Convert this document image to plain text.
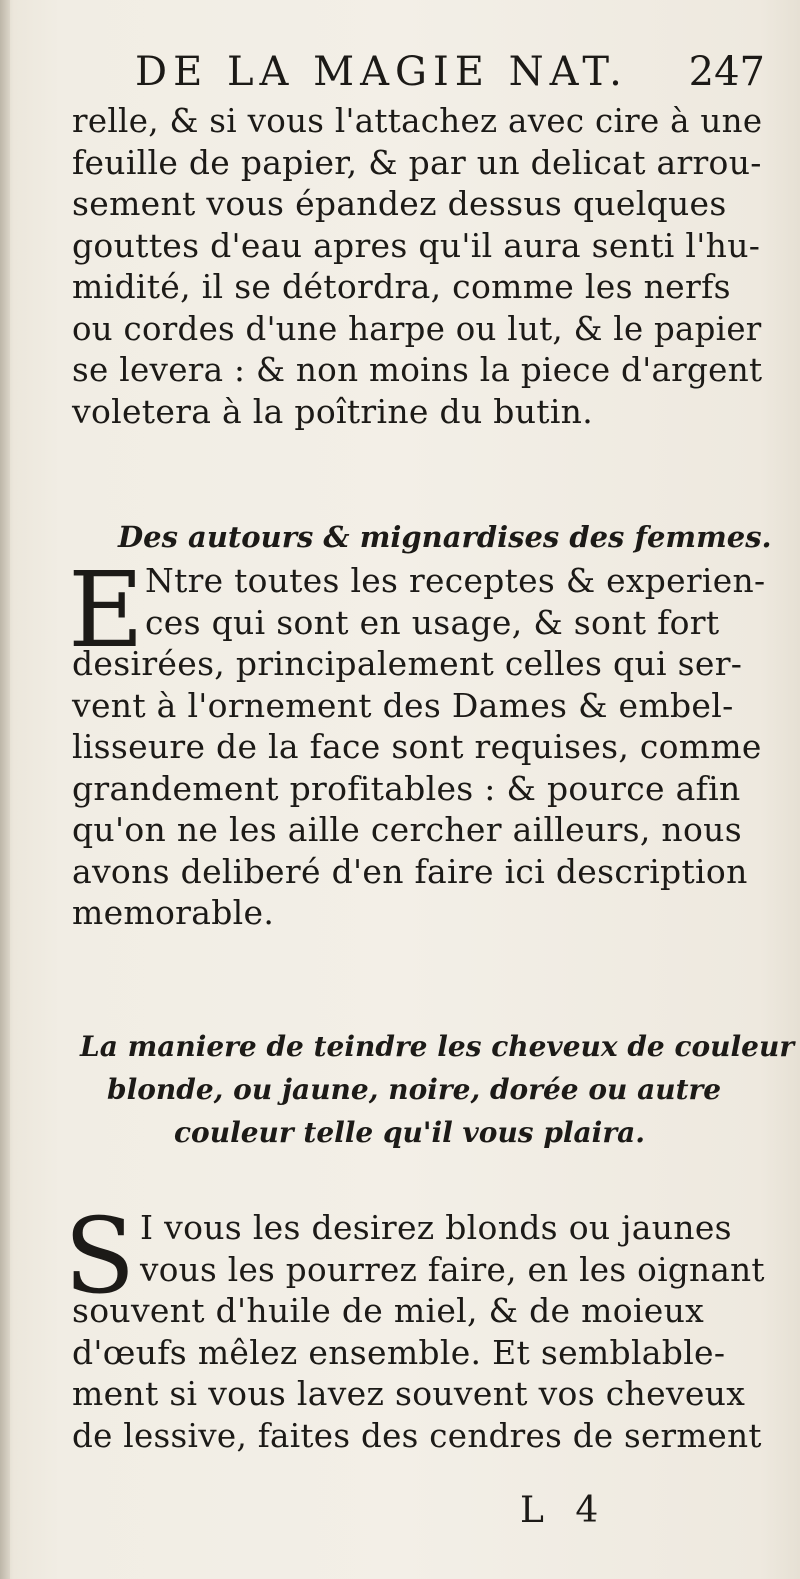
DE LA MAGIE NAT. 247
relle, & si vous l'attachez avec cire à une
feuille de papier, & par un delicat arrou-
sement vous épandez dessus quelques
gouttes d'eau apres qu'il aura senti l'hu-
midité, il se détordra, comme les nerfs
ou cordes d'une harpe ou lut, & le papier
se levera : & non moins la piece d'argent
voletera à la poîtrine du butin.
Des autours & mignardises des femmes.
E Ntre toutes les receptes & experien-
ces qui sont en usage, & sont fort
desirées, principalement celles qui ser-
vent à l'ornement des Dames & embel-
lisseure de la face sont requises, comme
grandement profitables : & pource afin
qu'on ne les aille cercher ailleurs, nous
avons deliberé d'en faire ici description
memorable.
La maniere de teindre les cheveux de couleur
blonde, ou jaune, noire, dorée ou autre
couleur telle qu'il vous plaira.
S I vous les desirez blonds ou jaunes
vous les pourrez faire, en les oignant
souvent d'huile de miel, & de moieux
d'œufs mêlez ensemble. Et semblable-
ment si vous lavez souvent vos cheveux
de lessive, faites des cendres de serment
L 4
